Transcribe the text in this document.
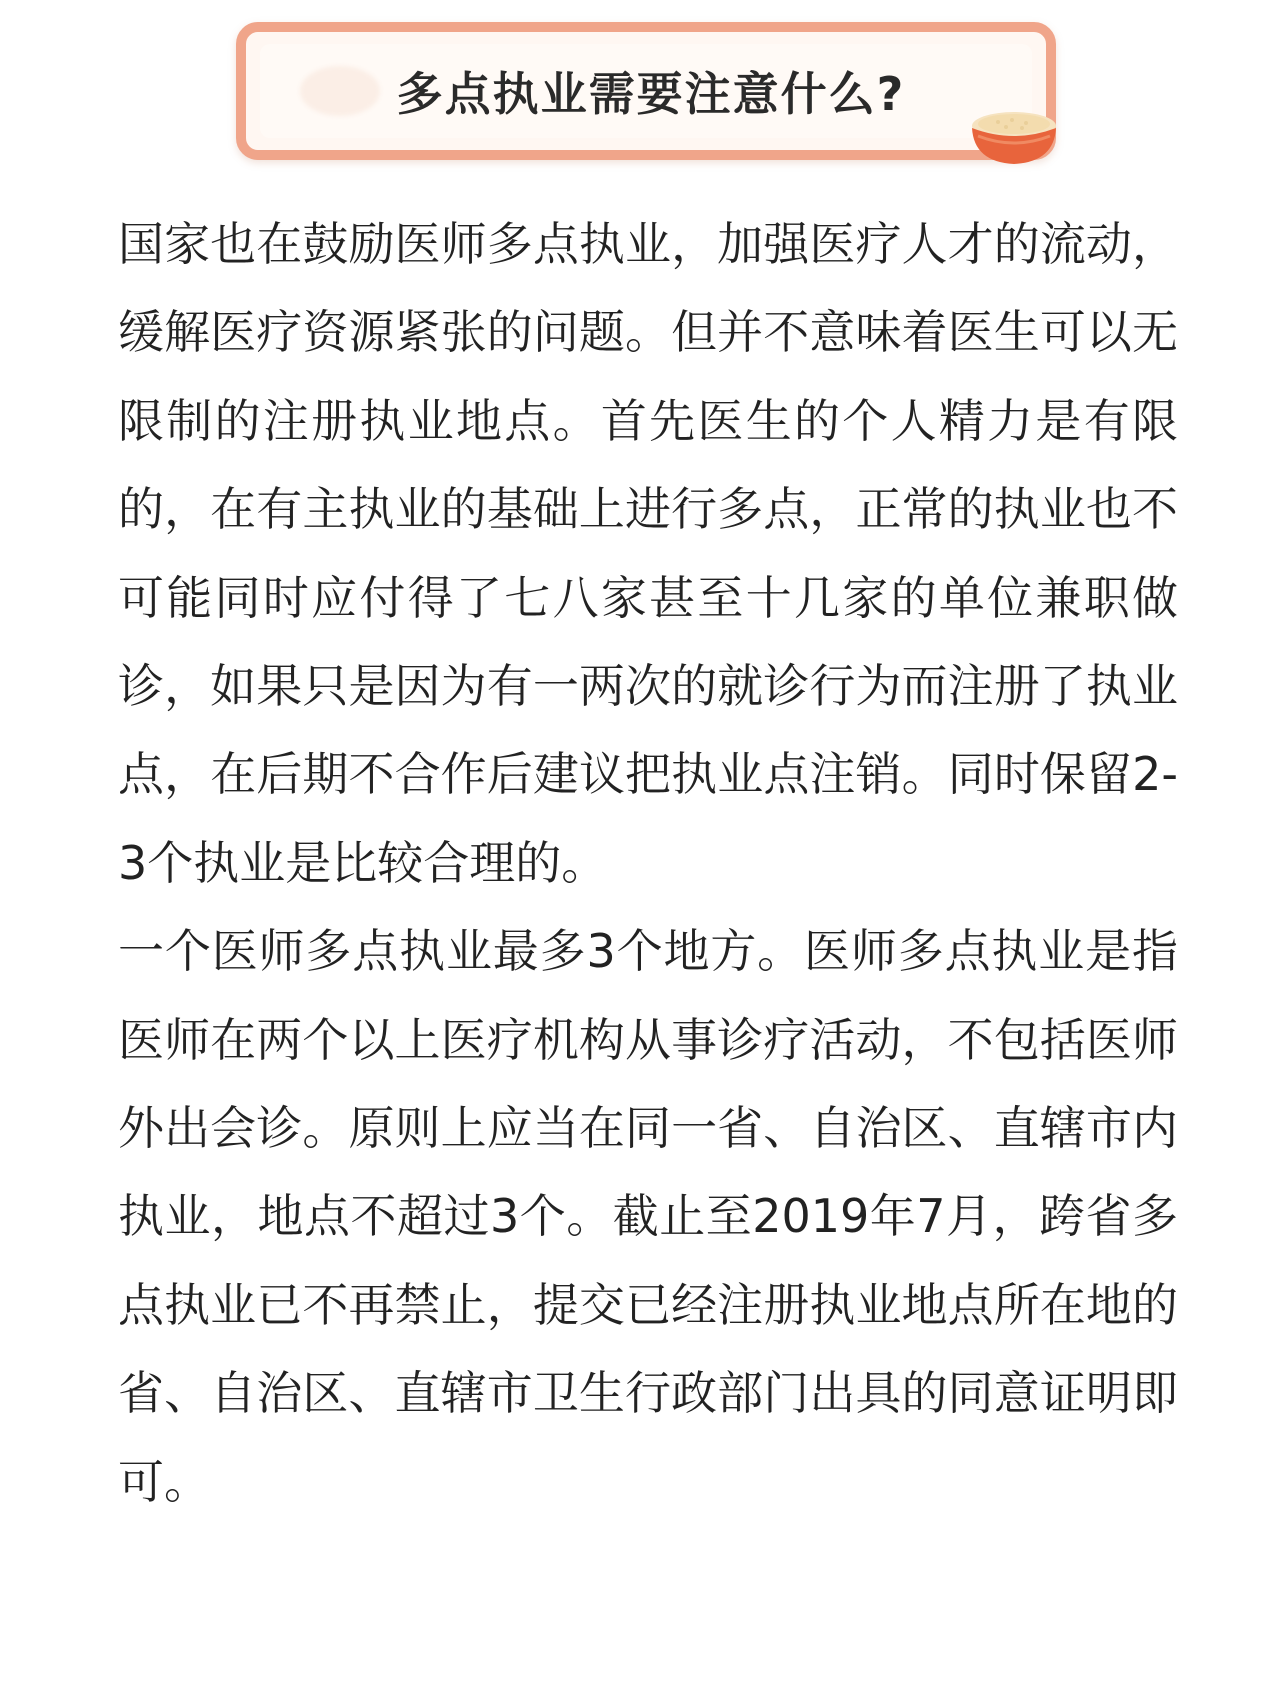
多点执业需要注意什么?

国家也在鼓励医师多点执业，加强医疗人才的流动，缓解医疗资源紧张的问题。但并不意味着医生可以无限制的注册执业地点。首先医生的个人精力是有限的，在有主执业的基础上进行多点，正常的执业也不可能同时应付得了七八家甚至十几家的单位兼职做诊，如果只是因为有一两次的就诊行为而注册了执业点，在后期不合作后建议把执业点注销。同时保留2-3个执业是比较合理的。

一个医师多点执业最多3个地方。医师多点执业是指医师在两个以上医疗机构从事诊疗活动，不包括医师外出会诊。原则上应当在同一省、自治区、直辖市内执业，地点不超过3个。截止至2019年7月，跨省多点执业已不再禁止，提交已经注册执业地点所在地的省、自治区、直辖市卫生行政部门出具的同意证明即可。
